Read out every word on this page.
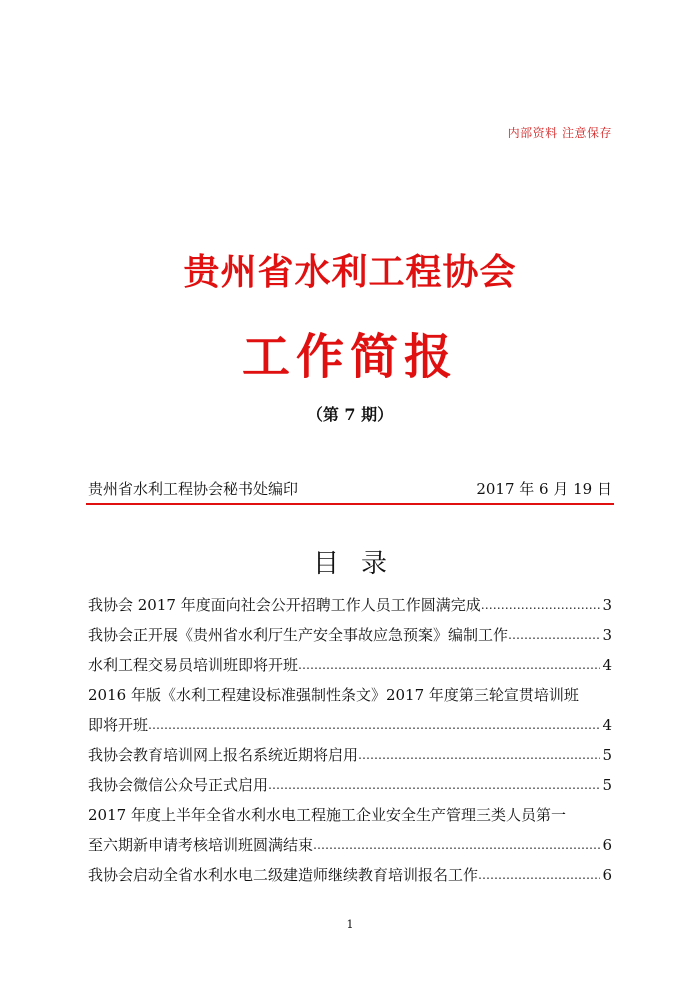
内部资料 注意保存
贵州省水利工程协会
工作简报
（第 7 期）
贵州省水利工程协会秘书处编印	2017 年 6 月 19 日
目录
我协会 2017 年度面向社会公开招聘工作人员工作圆满完成 ……………………………………………………………………………………………………………………………………………………………………	3
我协会正开展《贵州省水利厅生产安全事故应急预案》编制工作 ……………………………………………………………………………………………………………………………………………………………………	3
水利工程交易员培训班即将开班 ……………………………………………………………………………………………………………………………………………………………………	4
2016 年版《水利工程建设标准强制性条文》2017 年度第三轮宣贯培训班
即将开班 ……………………………………………………………………………………………………………………………………………………………………	4
我协会教育培训网上报名系统近期将启用 ……………………………………………………………………………………………………………………………………………………………………	5
我协会微信公众号正式启用 ……………………………………………………………………………………………………………………………………………………………………	5
2017 年度上半年全省水利水电工程施工企业安全生产管理三类人员第一
至六期新申请考核培训班圆满结束 ……………………………………………………………………………………………………………………………………………………………………	6
我协会启动全省水利水电二级建造师继续教育培训报名工作 ……………………………………………………………………………………………………………………………………………………………………	6
1
